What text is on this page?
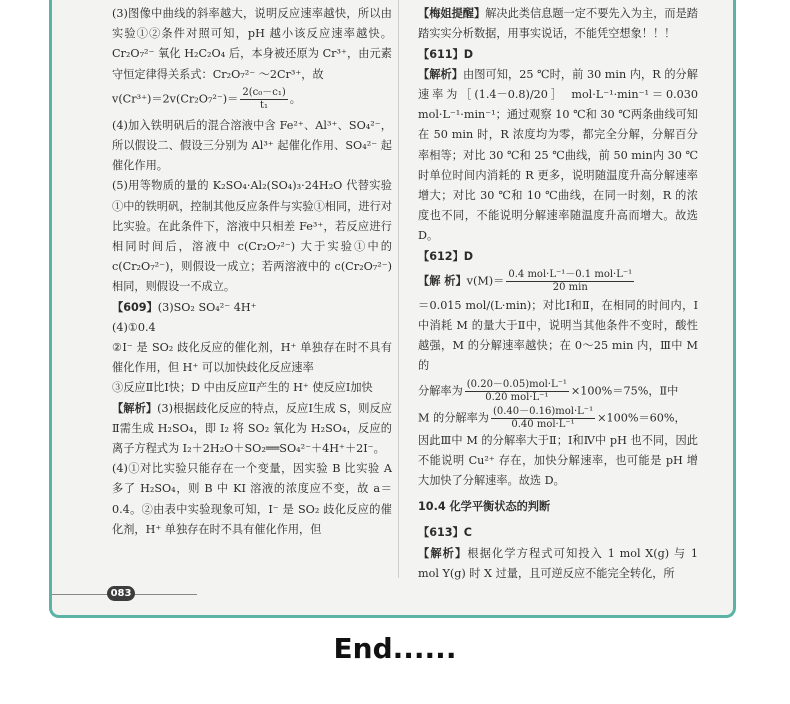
(3)图像中曲线的斜率越大，说明反应速率越快，所以由实验①②条件对照可知，pH 越小该反应速率越快。Cr₂O₇²⁻ 氧化 H₂C₂O₄ 后，本身被还原为 Cr³⁺，由元素守恒定律得关系式：Cr₂O₇²⁻ ～2Cr³⁺，故

$v(Cr^{3+})=2v(Cr_2O_7^{2-})= \frac{\text{2(c₀－c₁)}}{\text{t₁}}$ 。

(4)加入铁明矾后的混合溶液中含 Fe²⁺、Al³⁺、SO₄²⁻，所以假设二、假设三分别为 Al³⁺ 起催化作用、SO₄²⁻ 起催化作用。

(5)用等物质的量的 K₂SO₄·Al₂(SO₄)₃·24H₂O 代替实验①中的铁明矾，控制其他反应条件与实验①相同，进行对比实验。在此条件下，溶液中只相差 Fe³⁺，若反应进行相同时间后，溶液中 c(Cr₂O₇²⁻) 大于实验①中的 c(Cr₂O₇²⁻)，则假设一成立；若两溶液中的 c(Cr₂O₇²⁻) 相同，则假设一不成立。

【609】(3)SO₂ SO₄²⁻ 4H⁺

(4)①0.4

②I⁻ 是 SO₂ 歧化反应的催化剂，H⁺ 单独存在时不具有催化作用，但 H⁺ 可以加快歧化反应速率

③反应Ⅱ比Ⅰ快；D 中由反应Ⅱ产生的 H⁺ 使反应Ⅰ加快

【解析】(3)根据歧化反应的特点，反应Ⅰ生成 S，则反应Ⅱ需生成 H₂SO₄，即 I₂ 将 SO₂ 氧化为 H₂SO₄，反应的离子方程式为 I₂＋2H₂O＋SO₂══SO₄²⁻＋4H⁺＋2I⁻。

(4)①对比实验只能存在一个变量，因实验 B 比实验 A 多了 H₂SO₄，则 B 中 KI 溶液的浓度应不变，故 a＝0.4。②由表中实验现象可知，I⁻ 是 SO₂ 歧化反应的催化剂，H⁺ 单独存在时不具有催化作用，但

【梅姐提醒】解决此类信息题一定不要先入为主，而是踏踏实实分析数据，用事实说话，不能凭空想象！！！

【611】D

【解析】由图可知，25 ℃时，前 30 min 内，R 的分解速率为［(1.4－0.8)/20］ mol·L⁻¹·min⁻¹＝0.030 mol·L⁻¹·min⁻¹；通过观察 10 ℃和 30 ℃两条曲线可知在 50 min 时，R 浓度均为零，都完全分解，分解百分率相等；对比 30 ℃和 25 ℃曲线，前 50 min内 30 ℃时单位时间内消耗的 R 更多，说明随温度升高分解速率增大；对比 30 ℃和 10 ℃曲线，在同一时刻，R 的浓度也不同，不能说明分解速率随温度升高而增大。故选 D。

【612】D

【解 析】$v(M)= \frac{\text{0.4 mol·L⁻¹－0.1 mol·L⁻¹}}{20 \min}$

＝0.015 mol/(L·min)；对比Ⅰ和Ⅱ，在相同的时间内，Ⅰ中消耗 M 的量大于Ⅱ中，说明当其他条件不变时，酸性越强，M 的分解速率越快；在 0～25 min 内，Ⅲ中 M 的

分解率为 $\frac{\text{(0.20－0.05)mol·L⁻¹}}{\text{0.20 mol·L⁻¹}} \times 100\%=75\%$，Ⅱ中

M 的分解率为 $\frac{\text{(0.40－0.16)mol·L⁻¹}}{\text{0.40 mol·L⁻¹}} \times 100\%=60\%$，

因此Ⅲ中 M 的分解率大于Ⅱ；Ⅰ和Ⅳ中 pH 也不同，因此不能说明 Cu²⁺ 存在，加快分解速率，也可能是 pH 增大加快了分解速率。故选 D。

10.4 化学平衡状态的判断

【613】C

【解析】根据化学方程式可知投入 1 mol X(g) 与 1 mol Y(g) 时 X 过量，且可逆反应不能完全转化，所

083
End......
